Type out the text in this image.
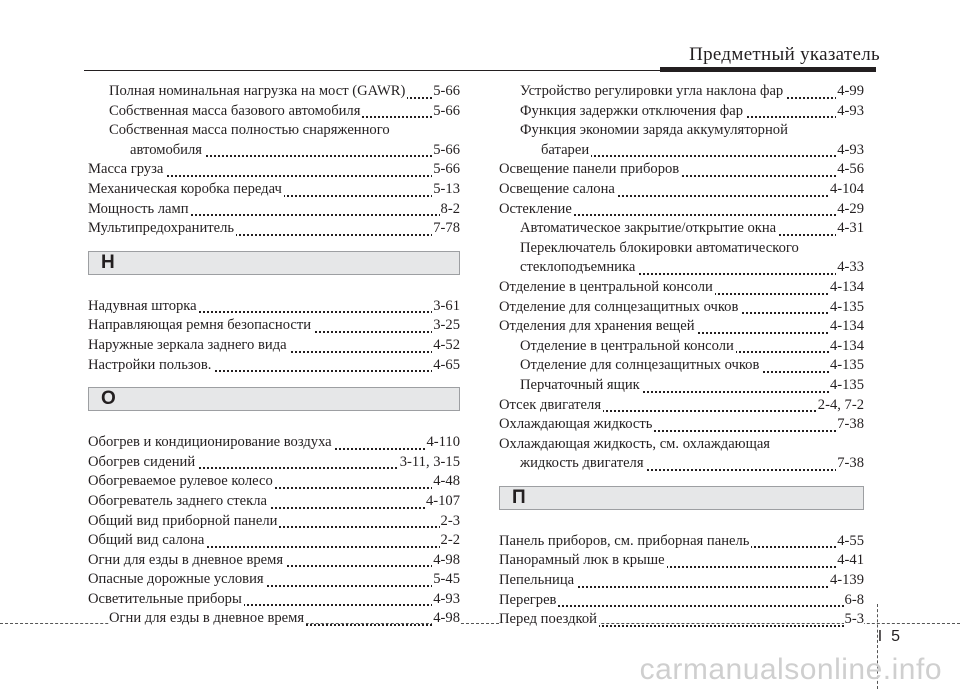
Предметный указатель
Полная номинальная нагрузка на мост (GAWR) 5-66
Собственная масса базового автомобиля	5-66
Собственная масса полностью снаряженного
автомобиля	5-66
Масса груза	5-66
Механическая коробка передач	5-13
Мощность ламп	8-2
Мультипредохранитель	7-78
Н
Надувная шторка	3-61
Направляющая ремня безопасности	3-25
Наружные зеркала заднего вида	4-52
Настройки пользов.	4-65
О
Обогрев и кондиционирование воздуха	4-110
Обогрев сидений	3-11, 3-15
Обогреваемое рулевое колесо	4-48
Обогреватель заднего стекла	4-107
Общий вид приборной панели	2-3
Общий вид салона	2-2
Огни для езды в дневное время	4-98
Опасные дорожные условия	5-45
Осветительные приборы	4-93
Огни для езды в дневное время	4-98
Устройство регулировки угла наклона фар	4-99
Функция задержки отключения фар	4-93
Функция экономии заряда аккумуляторной
батареи	4-93
Освещение панели приборов	4-56
Освещение салона	4-104
Остекление	4-29
Автоматическое закрытие/открытие окна	4-31
Переключатель блокировки автоматического
стеклоподъемника	4-33
Отделение в центральной консоли	4-134
Отделение для солнцезащитных очков	4-135
Отделения для хранения вещей	4-134
Отделение в центральной консоли	4-134
Отделение для солнцезащитных очков	4-135
Перчаточный ящик	4-135
Отсек двигателя	2-4, 7-2
Охлаждающая жидкость	7-38
Охлаждающая жидкость, см. охлаждающая
жидкость двигателя	7-38
П
Панель приборов, см. приборная панель	4-55
Панорамный люк в крыше	4-41
Пепельница	4-139
Перегрев	6-8
Перед поездкой	5-3
I 5
carmanualsonline.info
